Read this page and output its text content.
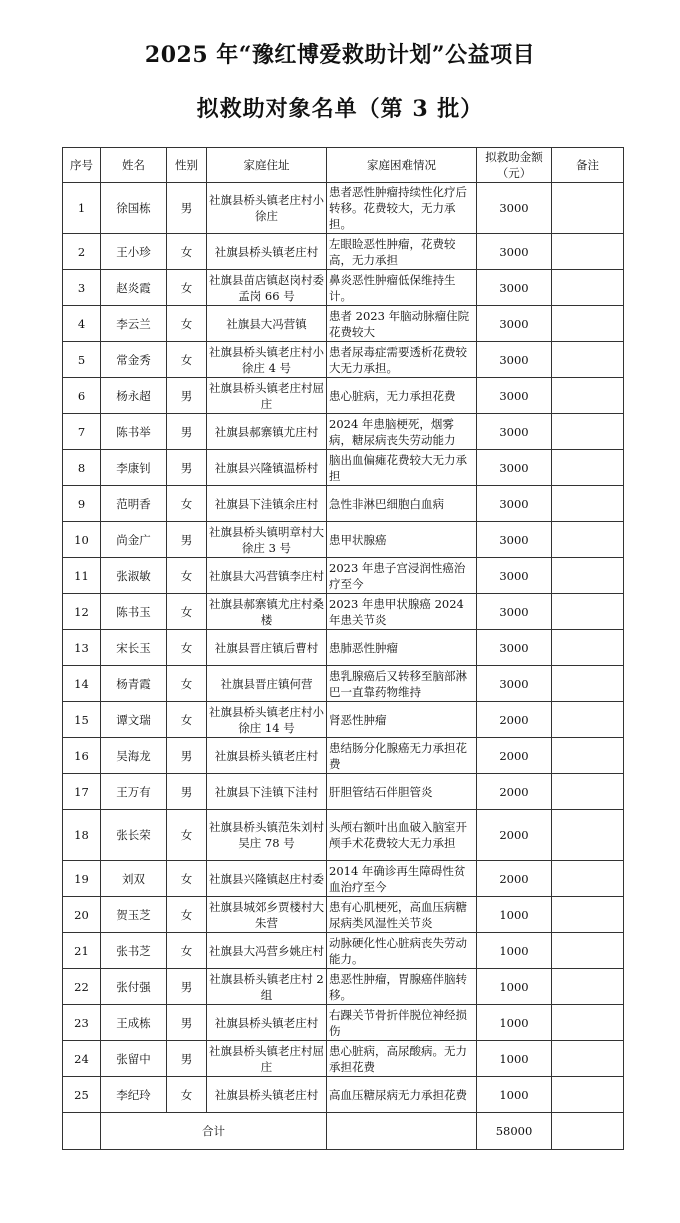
2025 年“豫红博爱救助计划”公益项目
拟救助对象名单（第 3 批）
序号	姓名	性别	家庭住址	家庭困难情况	拟救助金额（元）	备注
1	徐国栋	男	社旗县桥头镇老庄村小徐庄	患者恶性肿瘤持续性化疗后转移。花费较大，无力承担。	3000	
2	王小珍	女	社旗县桥头镇老庄村	左眼睑恶性肿瘤，花费较高，无力承担	3000	
3	赵炎霞	女	社旗县苗店镇赵岗村委孟岗 66 号	鼻炎恶性肿瘤低保维持生计。	3000	
4	李云兰	女	社旗县大冯营镇	患者 2023 年脑动脉瘤住院花费较大	3000	
5	常金秀	女	社旗县桥头镇老庄村小徐庄 4 号	患者尿毒症需要透析花费较大无力承担。	3000	
6	杨永超	男	社旗县桥头镇老庄村屈庄	患心脏病，无力承担花费	3000	
7	陈书举	男	社旗县郝寨镇尤庄村	2024 年患脑梗死，烟雾病，糖尿病丧失劳动能力	3000	
8	李康钊	男	社旗县兴隆镇温桥村	脑出血偏瘫花费较大无力承担	3000	
9	范明香	女	社旗县下洼镇余庄村	急性非淋巴细胞白血病	3000	
10	尚金广	男	社旗县桥头镇明章村大徐庄 3 号	患甲状腺癌	3000	
11	张淑敏	女	社旗县大冯营镇李庄村	2023 年患子宫浸润性癌治疗至今	3000	
12	陈书玉	女	社旗县郝寨镇尤庄村桑楼	2023 年患甲状腺癌 2024 年患关节炎	3000	
13	宋长玉	女	社旗县晋庄镇后曹村	患肺恶性肿瘤	3000	
14	杨青霞	女	社旗县晋庄镇何营	患乳腺癌后又转移至脑部淋巴一直靠药物维持	3000	
15	谭文瑞	女	社旗县桥头镇老庄村小徐庄 14 号	肾恶性肿瘤	2000	
16	吴海龙	男	社旗县桥头镇老庄村	患结肠分化腺癌无力承担花费	2000	
17	王万有	男	社旗县下洼镇下洼村	肝胆管结石伴胆管炎	2000	
18	张长荣	女	社旗县桥头镇范朱刘村吴庄 78 号	头颅右额叶出血破入脑室开颅手术花费较大无力承担	2000	
19	刘双	女	社旗县兴隆镇赵庄村委	2014 年确诊再生障碍性贫血治疗至今	2000	
20	贺玉芝	女	社旗县城郊乡贾楼村大朱营	患有心肌梗死，高血压病糖尿病类风湿性关节炎	1000	
21	张书芝	女	社旗县大冯营乡姚庄村	动脉硬化性心脏病丧失劳动能力。	1000	
22	张付强	男	社旗县桥头镇老庄村 2 组	患恶性肿瘤，胃腺癌伴脑转移。	1000	
23	王成栋	男	社旗县桥头镇老庄村	右踝关节骨折伴脱位神经损伤	1000	
24	张留中	男	社旗县桥头镇老庄村屈庄	患心脏病，高尿酸病。无力承担花费	1000	
25	李纪玲	女	社旗县桥头镇老庄村	高血压糖尿病无力承担花费	1000	
	合计				58000	
